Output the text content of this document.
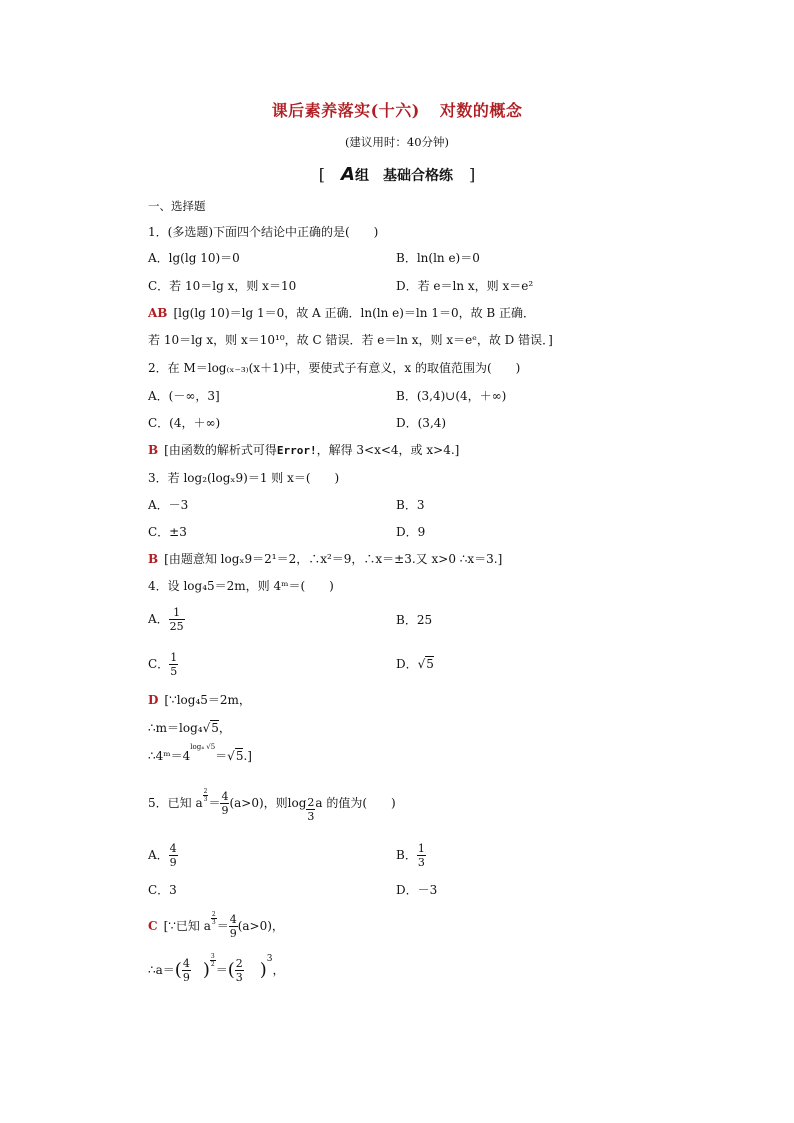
课后素养落实(十六) 对数的概念
(建议用时：40分钟)
[　A组　基础合格练　]
一、选择题
1．(多选题)下面四个结论中正确的是(　　)
A．lg(lg 10)＝0	B．ln(ln e)＝0
C．若 10＝lg x，则 x＝10	D．若 e＝ln x，则 x＝e²
AB [lg(lg 10)＝lg 1＝0，故 A 正确．ln(ln e)＝ln 1＝0，故 B 正确．
若 10＝lg x，则 x＝10¹⁰，故 C 错误．若 e＝ln x，则 x＝eᵉ，故 D 错误．]
2．在 M＝log₍ₓ₋₃₎(x＋1)中，要使式子有意义，x 的取值范围为(　　)
A．(－∞，3]	B．(3,4)∪(4，＋∞)
C．(4，＋∞)	D．(3,4)
B [由函数的解析式可得Error!，解得 3<x<4，或 x>4.]
3．若 log₂(logₓ9)＝1 则 x＝(　　)
A．－3	B．3
C．±3	D．9
B [由题意知 logₓ9＝2¹＝2，∴x²＝9，∴x＝±3.又 x>0 ∴x＝3.]
4．设 log₄5＝2m，则 4ᵐ＝(　　)
A． $\frac{1}{25}$	B．25
C． $\frac{1}{5}$	D．√5
D [∵log₄5＝2m，
∴m＝log₄√5，
$\therefore 4ᵐ=4^{log_4 √5}=√5$.]
5．已知 a $\frac{2}{3} = \frac{4}{9} (a>0)$，则$\log \frac{2}{3}$ a 的值为(　　)
A． $\frac{4}{9}$	B． $\frac{1}{3}$
C．3	D．－3
C [∵已知 a $\frac{2}{3} = \frac{4}{9} (a>0)$，
∴a＝( $\frac{4}{9}$ ) $\frac{3}{2}$
＝( $\frac{2}{3} )^3$，
